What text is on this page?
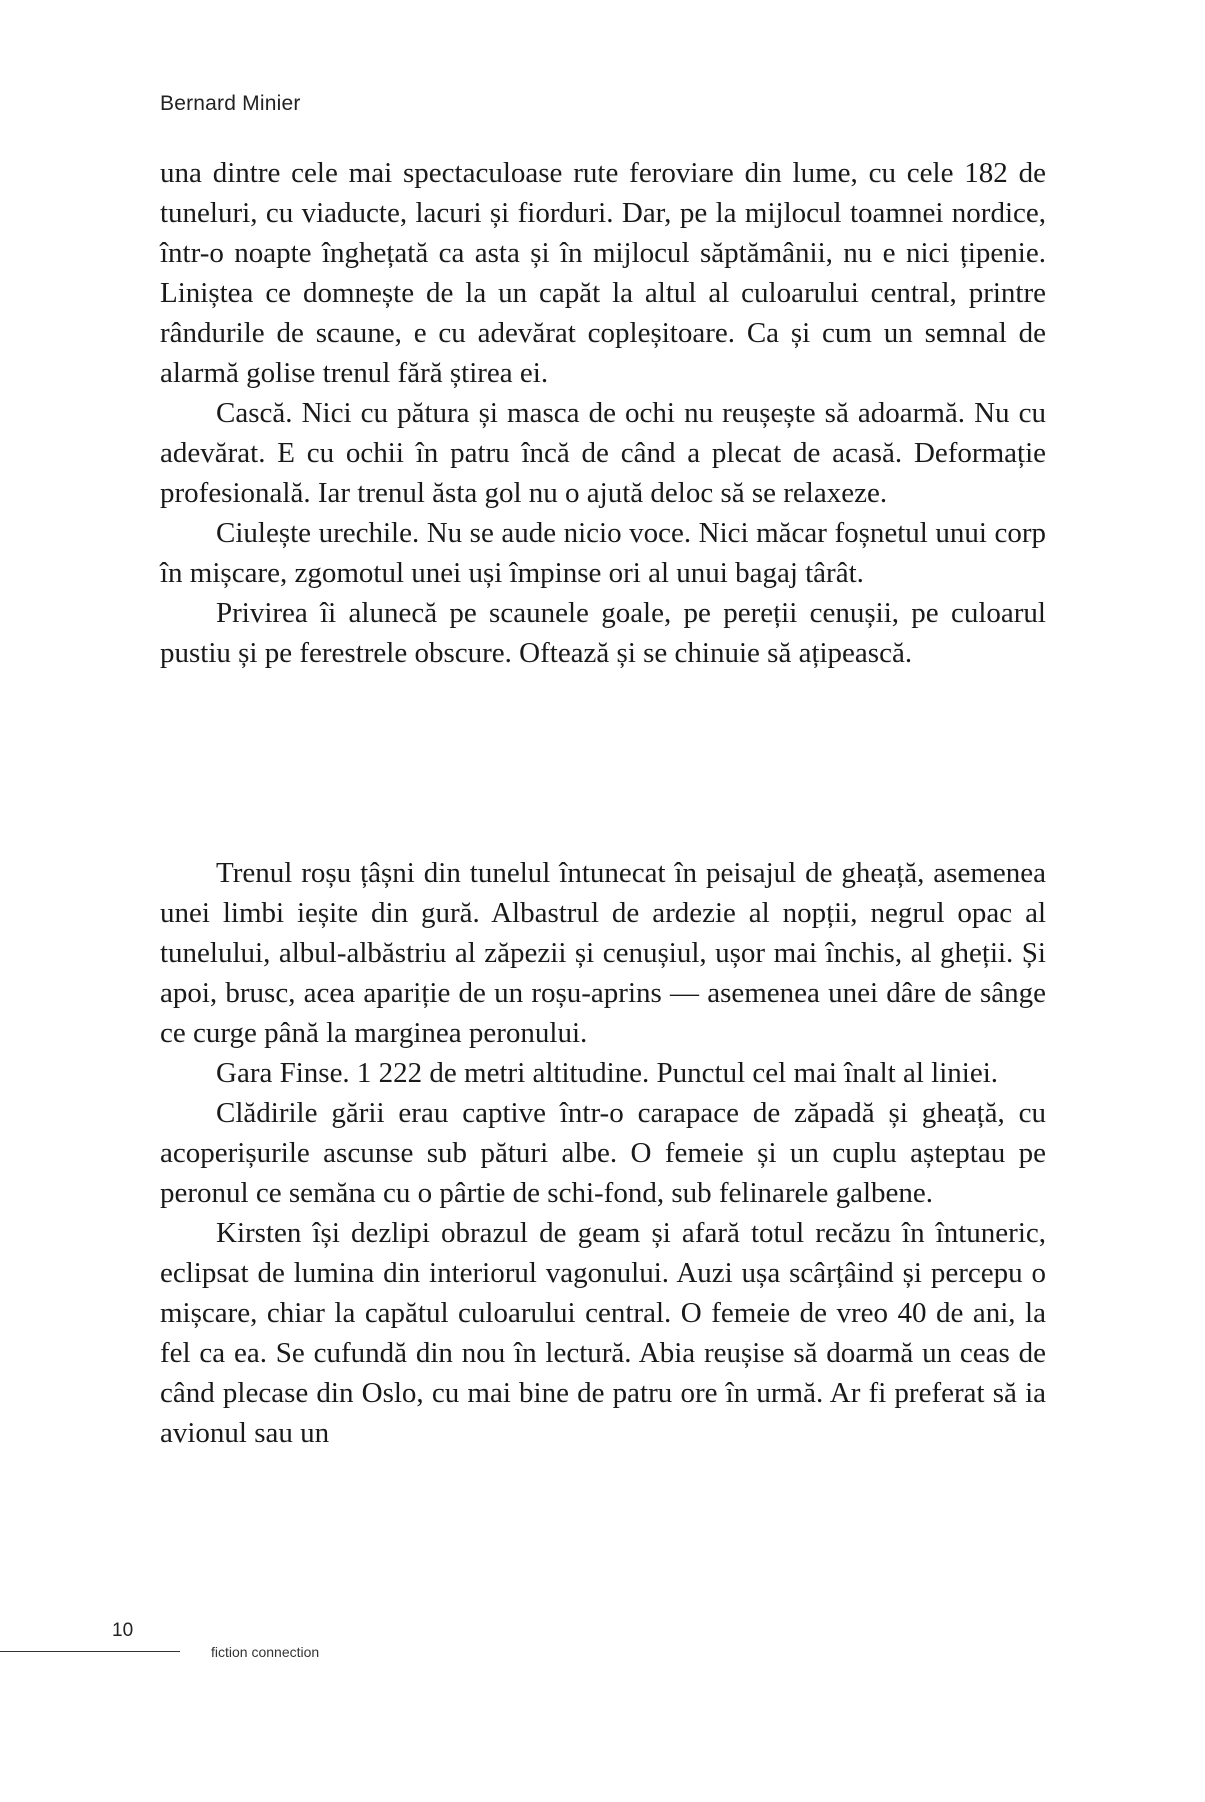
Bernard Minier

una dintre cele mai spectaculoase rute feroviare din lume, cu cele 182 de tuneluri, cu viaducte, lacuri și fiorduri. Dar, pe la mijlocul toamnei nordice, într-o noapte înghețată ca asta și în mijlocul săptămânii, nu e nici țipenie. Liniștea ce domnește de la un capăt la altul al culoarului central, printre rândurile de scaune, e cu adevărat copleșitoare. Ca și cum un semnal de alarmă golise trenul fără știrea ei.

Cască. Nici cu pătura și masca de ochi nu reușește să adoarmă. Nu cu adevărat. E cu ochii în patru încă de când a plecat de acasă. Deformație profesională. Iar trenul ăsta gol nu o ajută deloc să se relaxeze.

Ciulește urechile. Nu se aude nicio voce. Nici măcar foșnetul unui corp în mișcare, zgomotul unei uși împinse ori al unui bagaj târât.

Privirea îi alunecă pe scaunele goale, pe pereții cenușii, pe culoarul pustiu și pe ferestrele obscure. Oftează și se chinuie să ațipească.

Trenul roșu țâșni din tunelul întunecat în peisajul de gheață, asemenea unei limbi ieșite din gură. Albastrul de ardezie al nopții, negrul opac al tunelului, albul-albăstriu al zăpezii și cenușiul, ușor mai închis, al gheții. Și apoi, brusc, acea apariție de un roșu-aprins — asemenea unei dâre de sânge ce curge până la marginea peronului.

Gara Finse. 1 222 de metri altitudine. Punctul cel mai înalt al liniei.

Clădirile gării erau captive într-o carapace de zăpadă și gheață, cu acoperișurile ascunse sub pături albe. O femeie și un cuplu așteptau pe peronul ce semăna cu o pârtie de schi-fond, sub felinarele galbene.

Kirsten își dezlipi obrazul de geam și afară totul recăzu în întuneric, eclipsat de lumina din interiorul vagonului. Auzi ușa scârțâind și percepu o mișcare, chiar la capătul culoarului central. O femeie de vreo 40 de ani, la fel ca ea. Se cufundă din nou în lectură. Abia reușise să doarmă un ceas de când plecase din Oslo, cu mai bine de patru ore în urmă. Ar fi preferat să ia avionul sau un

10
fiction connection
